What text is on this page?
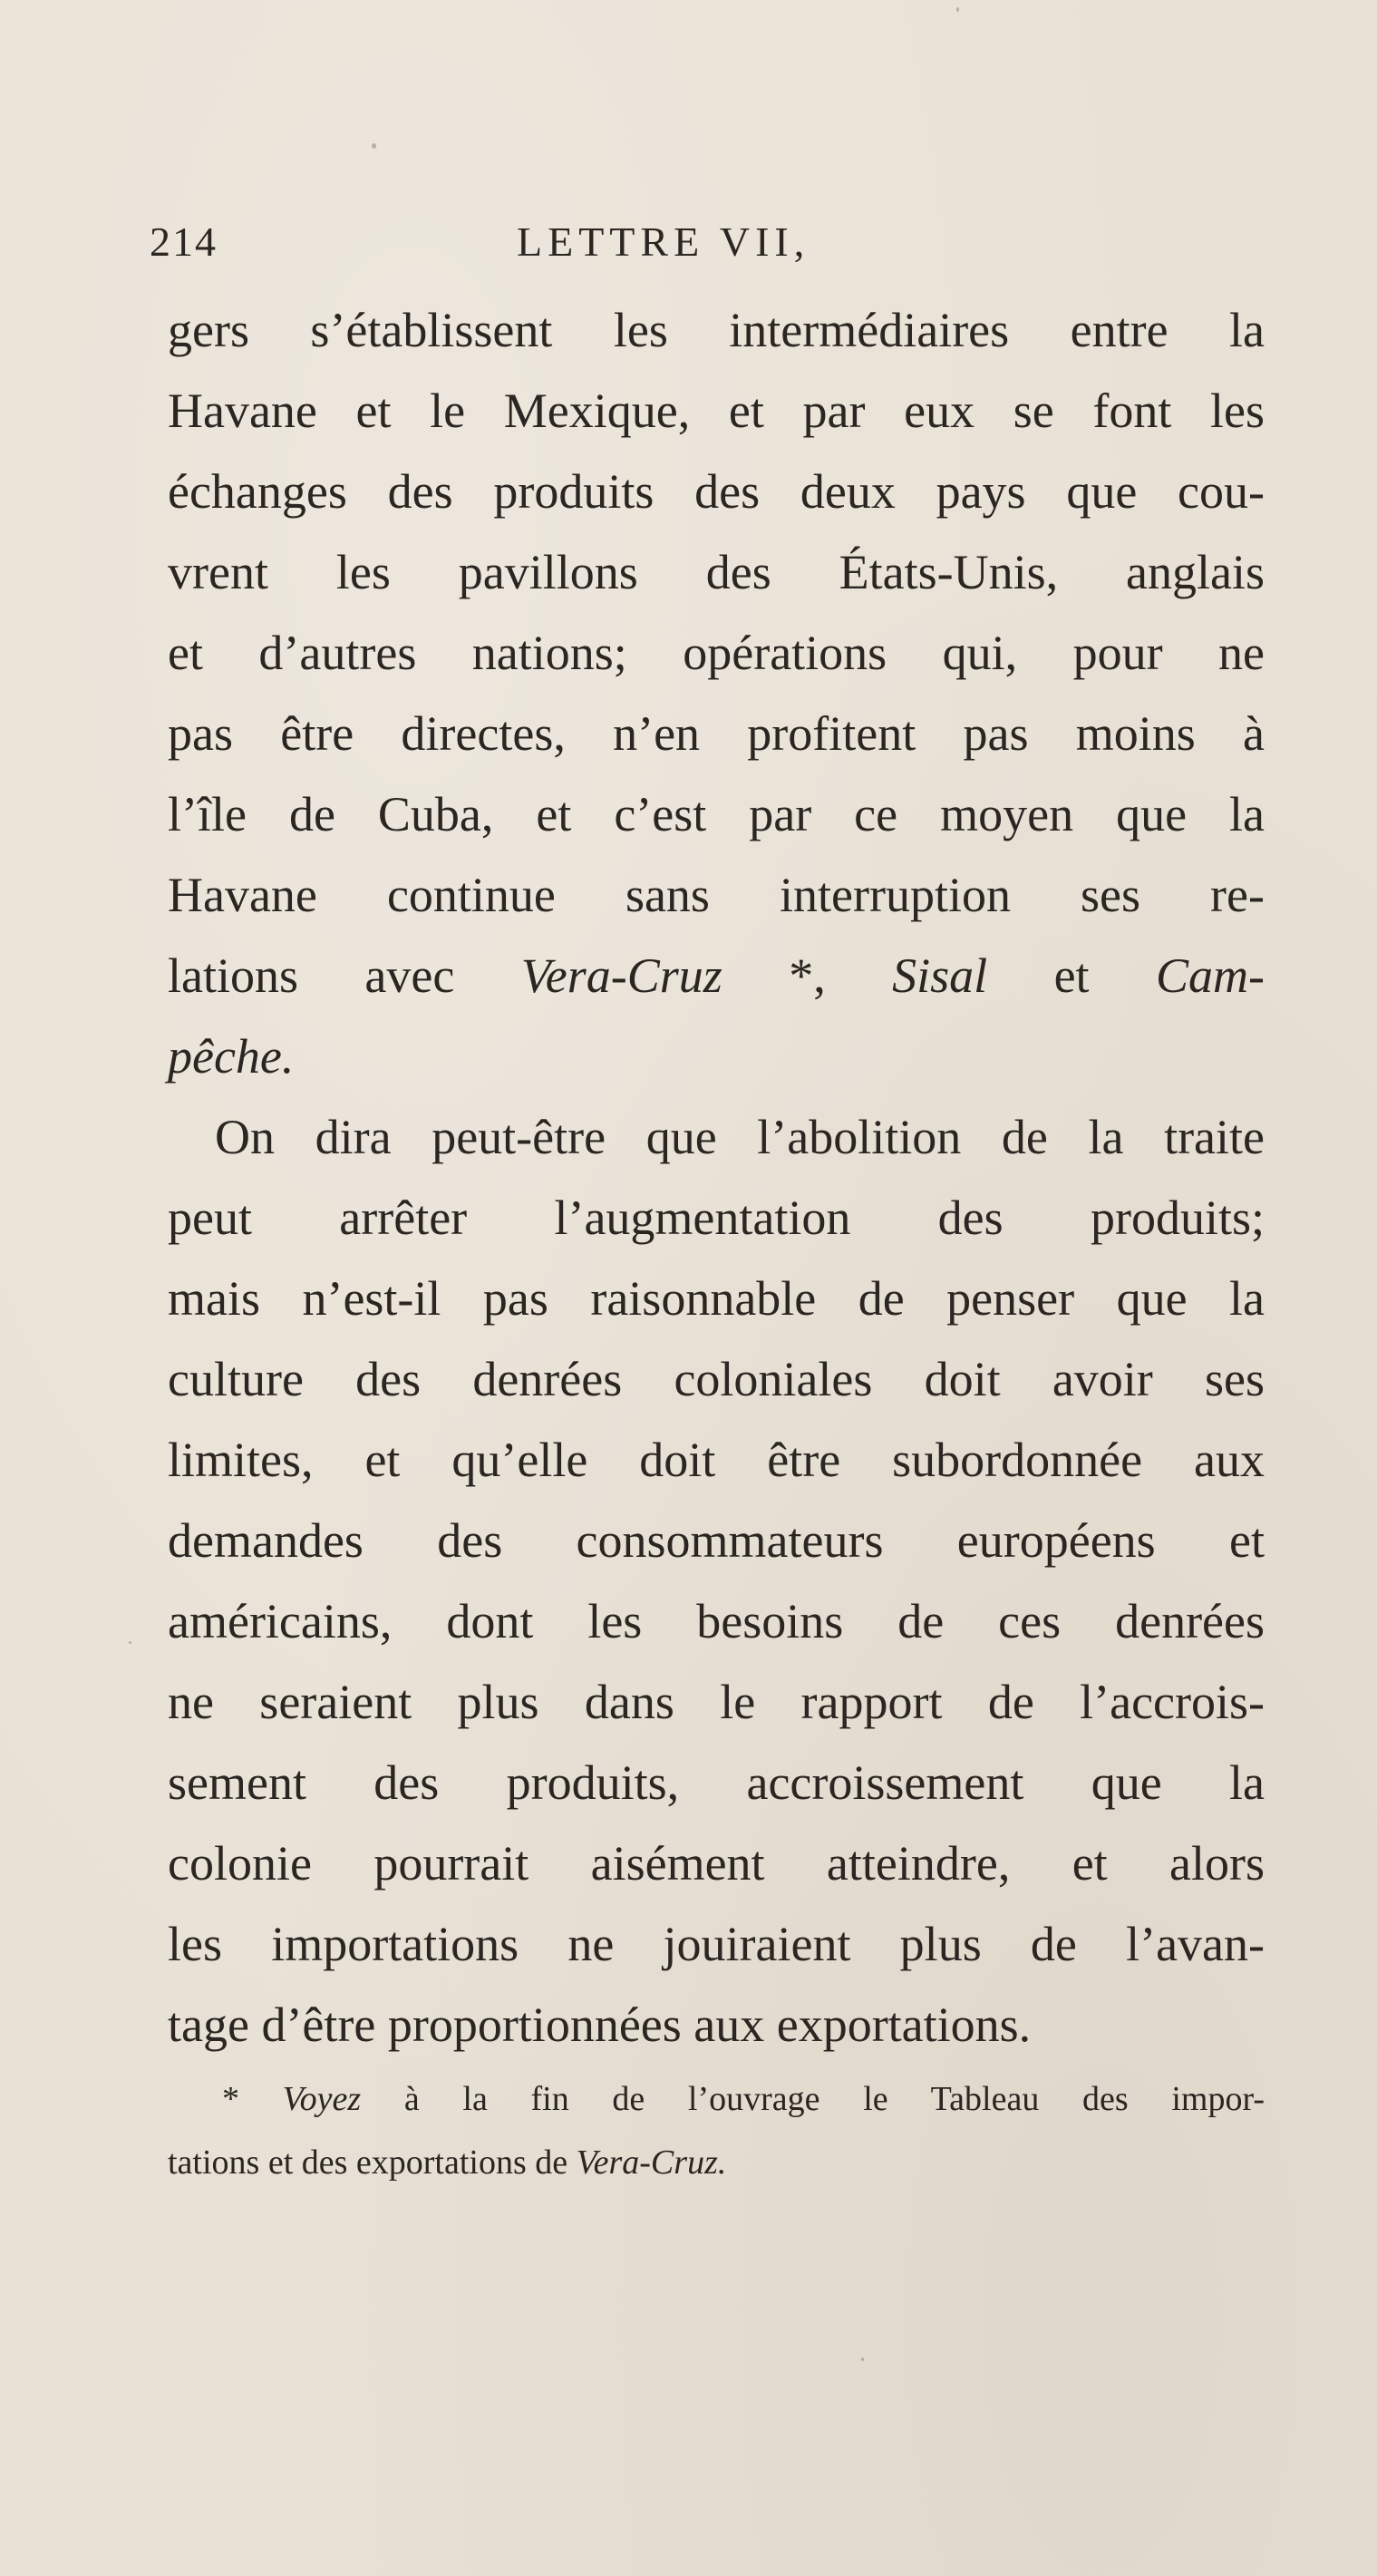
214	LETTRE VII,
gers s’établissent les intermédiaires entre la
Havane et le Mexique, et par eux se font les
échanges des produits des deux pays que cou-
vrent les pavillons des États-Unis, anglais
et d’autres nations; opérations qui, pour ne
pas être directes, n’en profitent pas moins à
l’île de Cuba, et c’est par ce moyen que la
Havane continue sans interruption ses re-
lations avec Vera-Cruz *, Sisal et Cam-
pêche.
On dira peut-être que l’abolition de la traite
peut arrêter l’augmentation des produits;
mais n’est-il pas raisonnable de penser que la
culture des denrées coloniales doit avoir ses
limites, et qu’elle doit être subordonnée aux
demandes des consommateurs européens et
américains, dont les besoins de ces denrées
ne seraient plus dans le rapport de l’accrois-
sement des produits, accroissement que la
colonie pourrait aisément atteindre, et alors
les importations ne jouiraient plus de l’avan-
tage d’être proportionnées aux exportations.
* Voyez à la fin de l’ouvrage le Tableau des impor-
tations et des exportations de Vera-Cruz.
